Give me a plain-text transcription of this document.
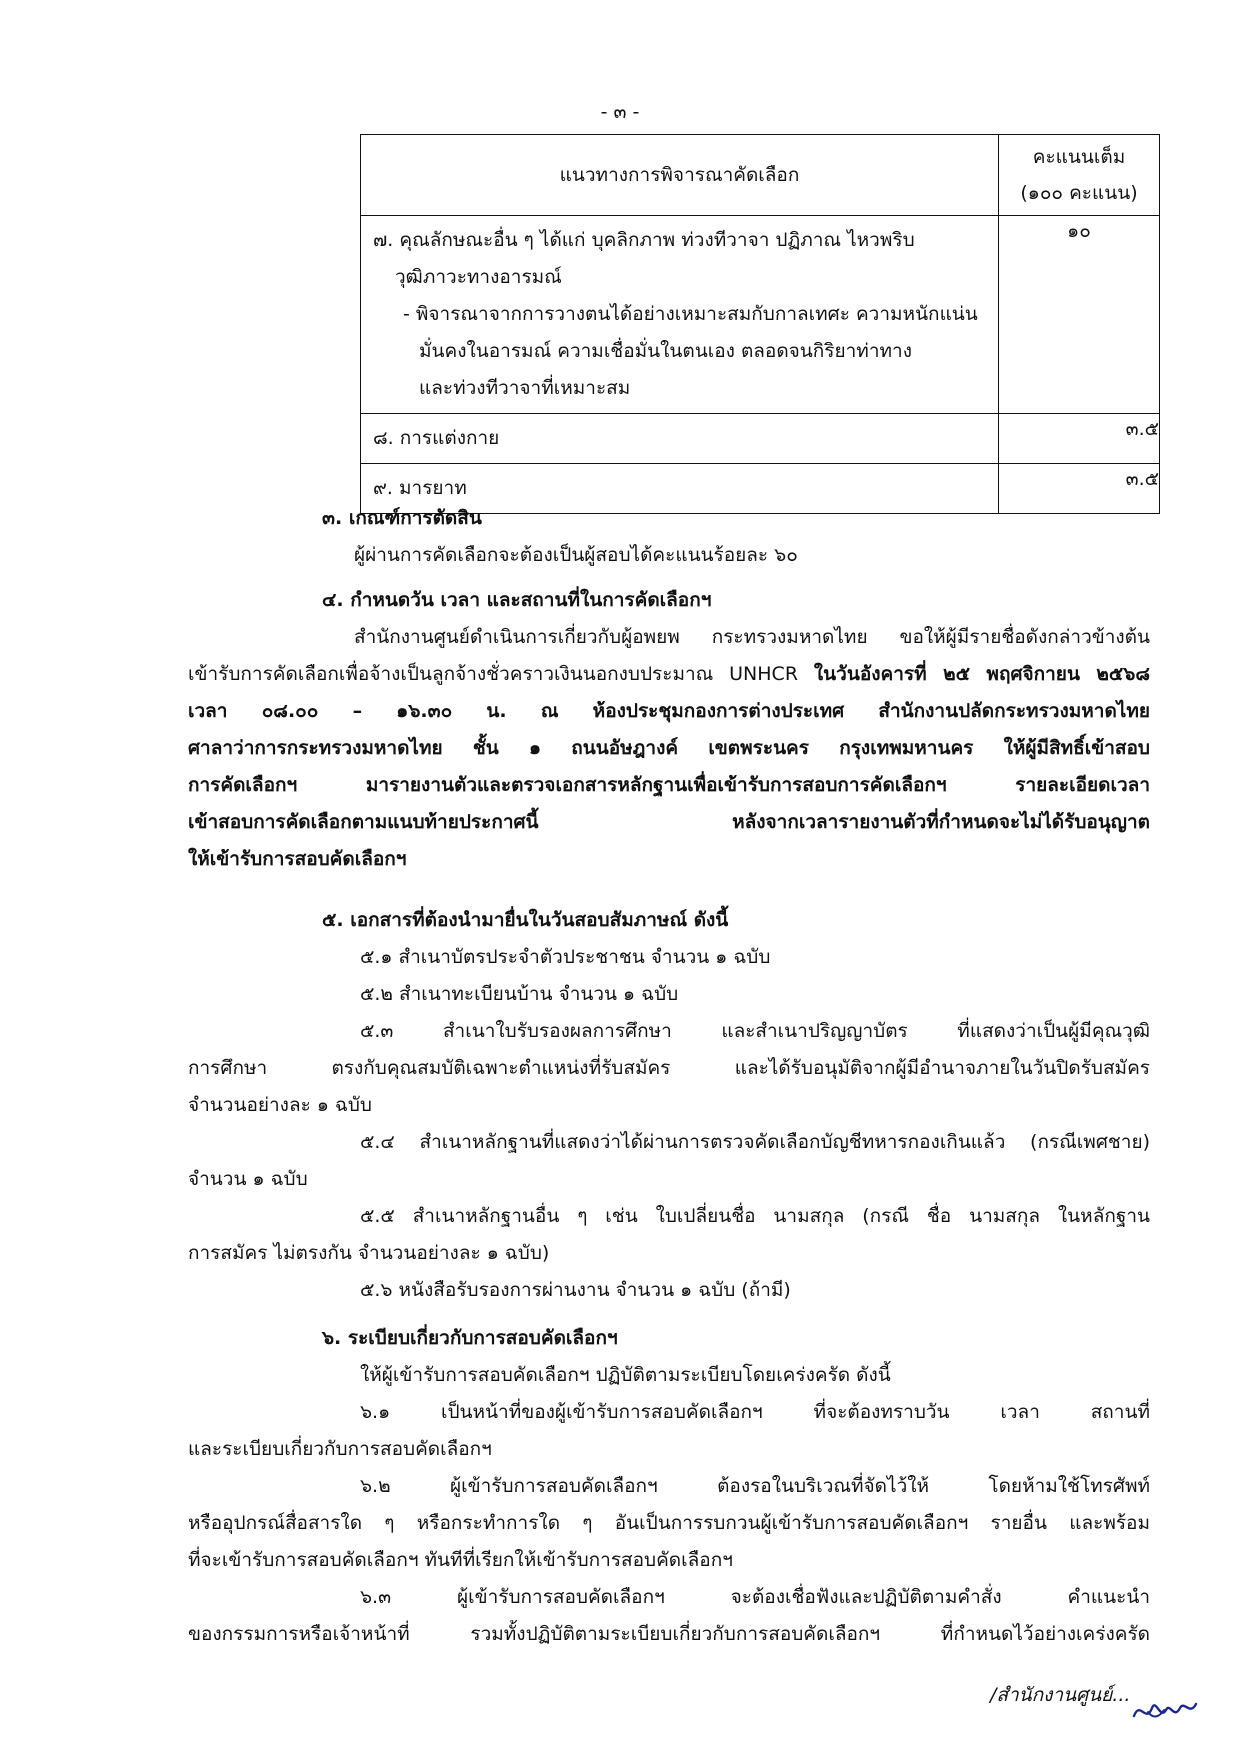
- ๓ -
แนวทางการพิจารณาคัดเลือก	คะแนนเต็ม
(๑๐๐ คะแนน)

๗. คุณลักษณะอื่น ๆ ได้แก่ บุคลิกภาพ ท่วงทีวาจา ปฏิภาณ ไหวพริบ
วุฒิภาวะทางอารมณ์
- พิจารณาจากการวางตนได้อย่างเหมาะสมกับกาลเทศะ ความหนักแน่น
มั่นคงในอารมณ์ ความเชื่อมั่นในตนเอง ตลอดจนกิริยาท่าทาง
และท่วงทีวาจาที่เหมาะสม	๑๐

๘. การแต่งกาย	๓.๕

๙. มารยาท	๓.๕
๓. เกณฑ์การตัดสิน
ผู้ผ่านการคัดเลือกจะต้องเป็นผู้สอบได้คะแนนร้อยละ ๖๐
๔. กำหนดวัน เวลา และสถานที่ในการคัดเลือกฯ
สำนักงานศูนย์ดำเนินการเกี่ยวกับผู้อพยพ กระทรวงมหาดไทย ขอให้ผู้มีรายชื่อดังกล่าวข้างต้น
เข้ารับการคัดเลือกเพื่อจ้างเป็นลูกจ้างชั่วคราวเงินนอกงบประมาณ UNHCR ในวันอังคารที่ ๒๕ พฤศจิกายน ๒๕๖๘
เวลา ๐๘.๐๐ – ๑๖.๓๐ น. ณ ห้องประชุมกองการต่างประเทศ สำนักงานปลัดกระทรวงมหาดไทย
ศาลาว่าการกระทรวงมหาดไทย ชั้น ๑ ถนนอัษฎางค์ เขตพระนคร กรุงเทพมหานคร ให้ผู้มีสิทธิ์เข้าสอบ
การคัดเลือกฯ มารายงานตัวและตรวจเอกสารหลักฐานเพื่อเข้ารับการสอบการคัดเลือกฯ รายละเอียดเวลา
เข้าสอบการคัดเลือกตามแนบท้ายประกาศนี้ หลังจากเวลารายงานตัวที่กำหนดจะไม่ได้รับอนุญาต
ให้เข้ารับการสอบคัดเลือกฯ
๕. เอกสารที่ต้องนำมายื่นในวันสอบสัมภาษณ์ ดังนี้
๕.๑ สำเนาบัตรประจำตัวประชาชน จำนวน ๑ ฉบับ
๕.๒ สำเนาทะเบียนบ้าน จำนวน ๑ ฉบับ
๕.๓ สำเนาใบรับรองผลการศึกษา และสำเนาปริญญาบัตร ที่แสดงว่าเป็นผู้มีคุณวุฒิ
การศึกษา ตรงกับคุณสมบัติเฉพาะตำแหน่งที่รับสมัคร และได้รับอนุมัติจากผู้มีอำนาจภายในวันปิดรับสมัคร
จำนวนอย่างละ ๑ ฉบับ
๕.๔ สำเนาหลักฐานที่แสดงว่าได้ผ่านการตรวจคัดเลือกบัญชีทหารกองเกินแล้ว (กรณีเพศชาย)
จำนวน ๑ ฉบับ
๕.๕ สำเนาหลักฐานอื่น ๆ เช่น ใบเปลี่ยนชื่อ นามสกุล (กรณี ชื่อ นามสกุล ในหลักฐาน
การสมัคร ไม่ตรงกัน จำนวนอย่างละ ๑ ฉบับ)
๕.๖ หนังสือรับรองการผ่านงาน จำนวน ๑ ฉบับ (ถ้ามี)
๖. ระเบียบเกี่ยวกับการสอบคัดเลือกฯ
ให้ผู้เข้ารับการสอบคัดเลือกฯ ปฏิบัติตามระเบียบโดยเคร่งครัด ดังนี้
๖.๑ เป็นหน้าที่ของผู้เข้ารับการสอบคัดเลือกฯ ที่จะต้องทราบวัน เวลา สถานที่
และระเบียบเกี่ยวกับการสอบคัดเลือกฯ
๖.๒ ผู้เข้ารับการสอบคัดเลือกฯ ต้องรอในบริเวณที่จัดไว้ให้ โดยห้ามใช้โทรศัพท์
หรืออุปกรณ์สื่อสารใด ๆ หรือกระทำการใด ๆ อันเป็นการรบกวนผู้เข้ารับการสอบคัดเลือกฯ รายอื่น และพร้อม
ที่จะเข้ารับการสอบคัดเลือกฯ ทันทีที่เรียกให้เข้ารับการสอบคัดเลือกฯ
๖.๓ ผู้เข้ารับการสอบคัดเลือกฯ จะต้องเชื่อฟังและปฏิบัติตามคำสั่ง คำแนะนำ
ของกรรมการหรือเจ้าหน้าที่ รวมทั้งปฏิบัติตามระเบียบเกี่ยวกับการสอบคัดเลือกฯ ที่กำหนดไว้อย่างเคร่งครัด
/สำนักงานศูนย์...
